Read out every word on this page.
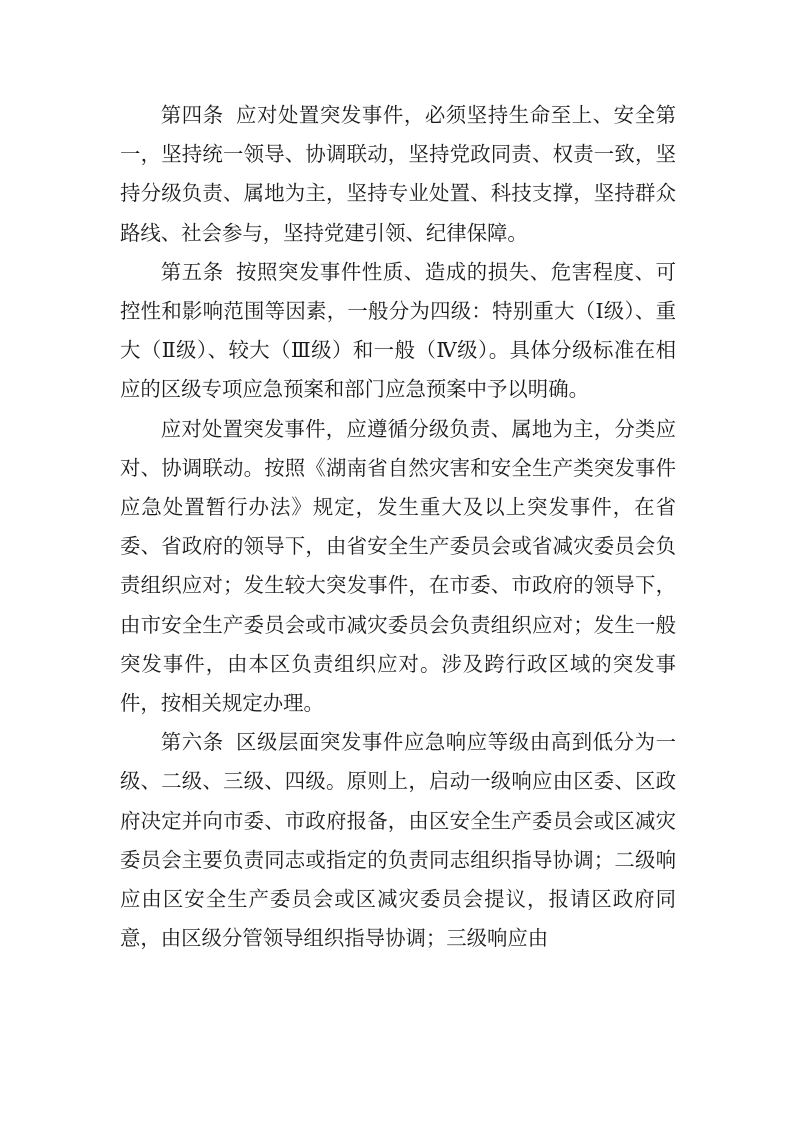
第四条 应对处置突发事件，必须坚持生命至上、安全第一，坚持统一领导、协调联动，坚持党政同责、权责一致，坚持分级负责、属地为主，坚持专业处置、科技支撑，坚持群众路线、社会参与，坚持党建引领、纪律保障。

第五条 按照突发事件性质、造成的损失、危害程度、可控性和影响范围等因素，一般分为四级：特别重大（Ⅰ级）、重大（Ⅱ级）、较大（Ⅲ级）和一般（Ⅳ级）。具体分级标准在相应的区级专项应急预案和部门应急预案中予以明确。

应对处置突发事件，应遵循分级负责、属地为主，分类应对、协调联动。按照《湖南省自然灾害和安全生产类突发事件应急处置暂行办法》规定，发生重大及以上突发事件，在省委、省政府的领导下，由省安全生产委员会或省减灾委员会负责组织应对；发生较大突发事件，在市委、市政府的领导下，由市安全生产委员会或市减灾委员会负责组织应对；发生一般突发事件，由本区负责组织应对。涉及跨行政区域的突发事件，按相关规定办理。

第六条 区级层面突发事件应急响应等级由高到低分为一级、二级、三级、四级。原则上，启动一级响应由区委、区政府决定并向市委、市政府报备，由区安全生产委员会或区减灾委员会主要负责同志或指定的负责同志组织指导协调；二级响应由区安全生产委员会或区减灾委员会提议，报请区政府同意，由区级分管领导组织指导协调；三级响应由
